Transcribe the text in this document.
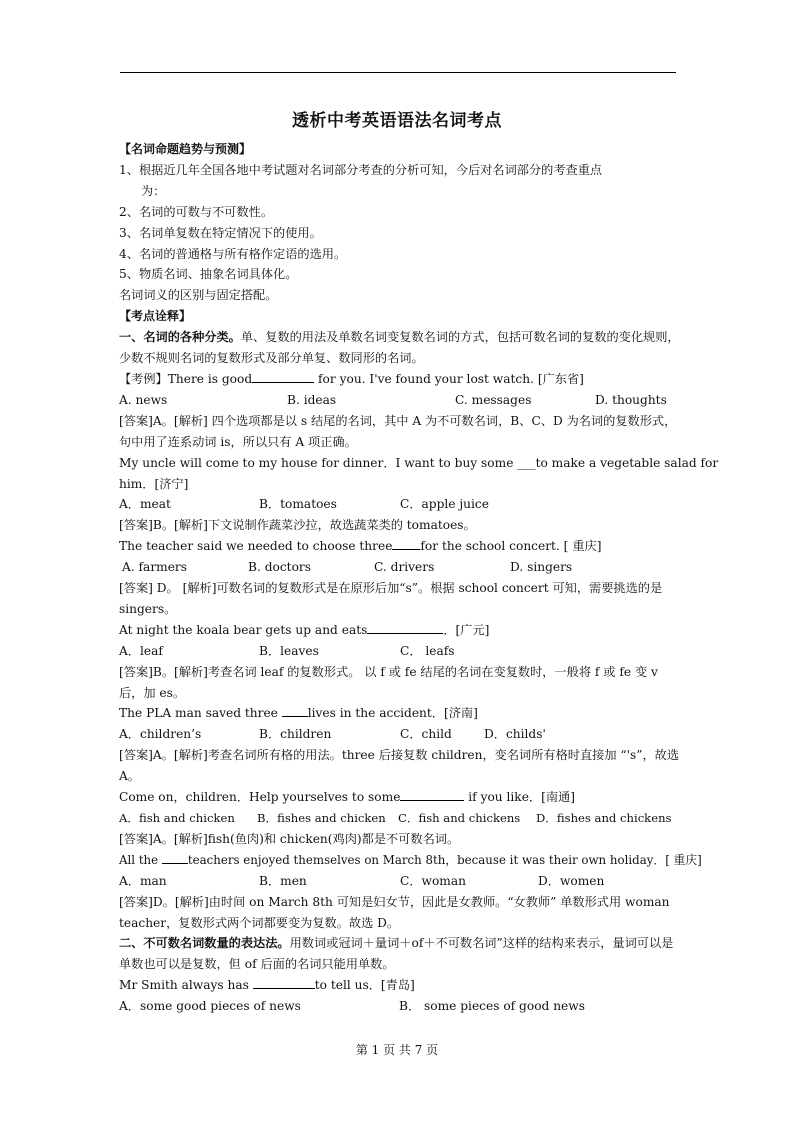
透析中考英语语法名词考点
【名词命题趋势与预测】
1、根据近几年全国各地中考试题对名词部分考查的分析可知，今后对名词部分的考查重点
为：
2、名词的可数与不可数性。
3、名词单复数在特定情况下的使用。
4、名词的普通格与所有格作定语的选用。
5、物质名词、抽象名词具体化。
名词词义的区别与固定搭配。
【考点诠释】
一、名词的各种分类。单、复数的用法及单数名词变复数名词的方式，包括可数名词的复数的变化规则，少数不规则名词的复数形式及部分单复、数同形的名词。
【考例】There is good	for you. I've found your lost watch. [广东省]
A. news	B. ideas	C. messages	D. thoughts
[答案]A。[解析] 四个选项都是以 s 结尾的名词，其中 A 为不可数名词，B、C、D 为名词的复数形式，句中用了连系动词 is，所以只有 A 项正确。
My uncle will come to my house for dinner．I want to buy some ___to make a vegetable salad for
him．[济宁]
A．meat	B．tomatoes	C．apple juice
[答案]B。[解析]下文说制作蔬菜沙拉，故选蔬菜类的 tomatoes。
The teacher said we needed to choose three for the school concert. [ 重庆]
A. farmers	B. doctors	C. drivers	D. singers
[答案] D。 [解析]可数名词的复数形式是在原形后加“s”。根据 school concert 可知，需要挑选的是 singers。
At night the koala bear gets up and eats	．[广元]
A．leaf	B．leaves	C． leafs
[答案]B。[解析]考查名词 leaf 的复数形式。 以 f 或 fe 结尾的名词在变复数时，一般将 f 或 fe 变 v 后，加 es。
The PLA man saved three lives in the accident．[济南]
A．children’s	B．children	C．child	D．childs'
[答案]A。[解析]考查名词所有格的用法。three 后接复数 children，变名词所有格时直接加 “'s”，故选 A。
Come on，children．Help yourselves to some	if you like．[南通]
A．fish and chicken	B．fishes and chicken	C．fish and chickens	D．fishes and chickens
[答案]A。[解析]fish(鱼肉)和 chicken(鸡肉)都是不可数名词。
All the teachers enjoyed themselves on March 8th，because it was their own holiday．[ 重庆]
A．man	B．men	C．woman	D．women
[答案]D。[解析]由时间 on March 8th 可知是妇女节，因此是女教师。“女教师” 单数形式用 woman teacher，复数形式两个词都要变为复数。故选 D。
二、不可数名词数量的表达法。用数词或冠词＋量词＋of＋不可数名词”这样的结构来表示，量词可以是单数也可以是复数，但 of 后面的名词只能用单数。
Mr Smith always has	to tell us．[青岛]
A．some good pieces of news	B． some pieces of good news
第 1 页 共 7 页
